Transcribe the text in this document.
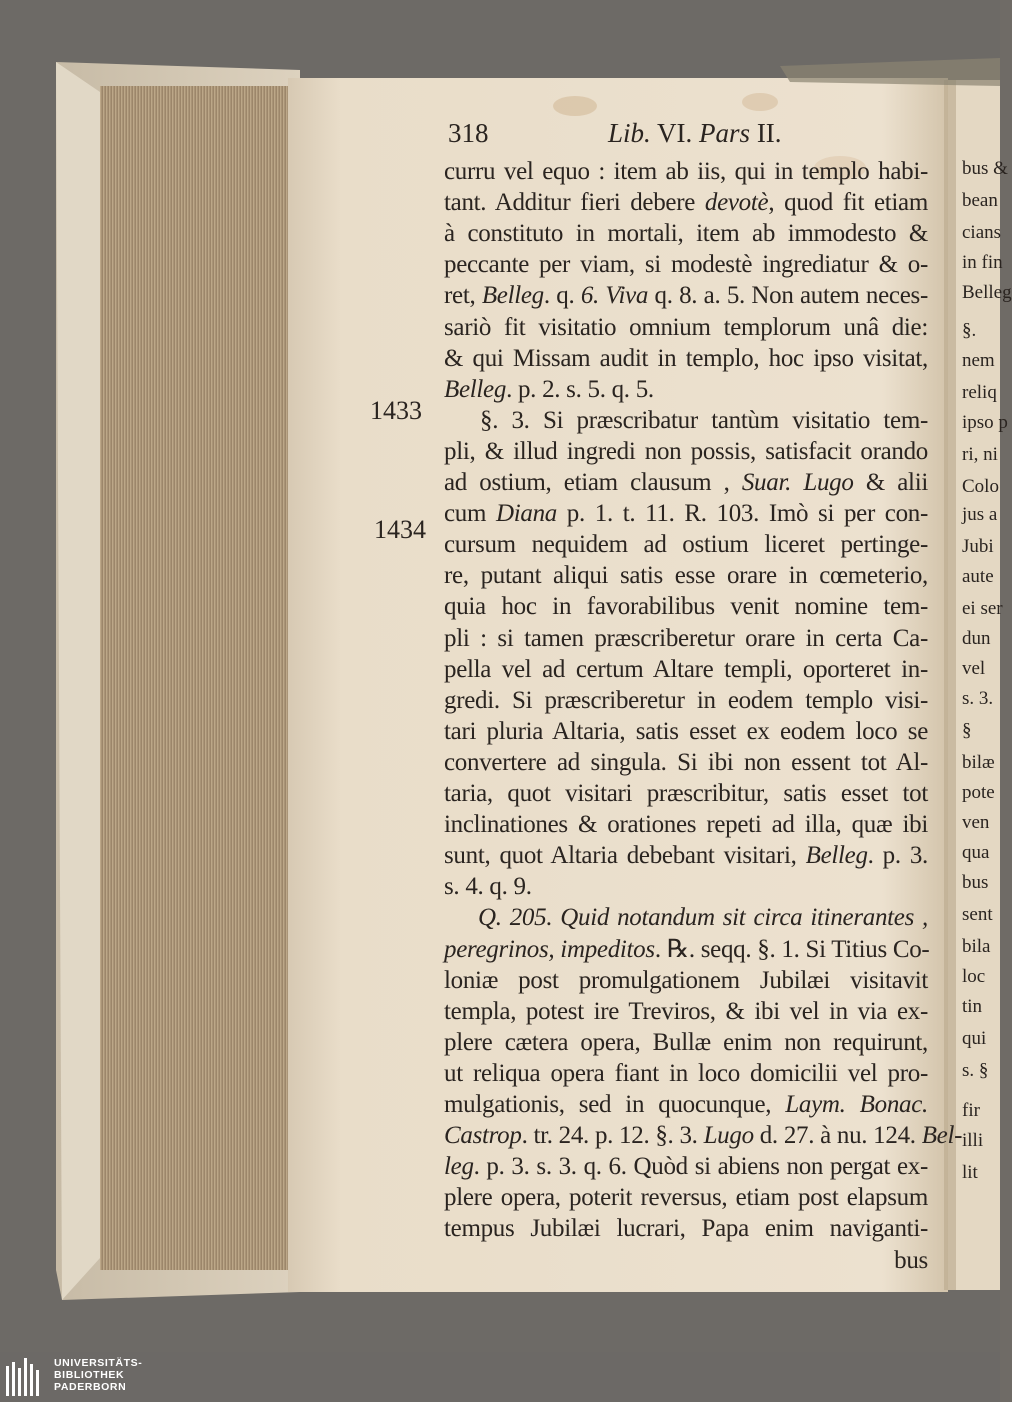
318	Lib. VI. Pars II.
curru vel equo : item ab iis, qui in templo habi-
tant. Additur fieri debere devotè, quod fit etiam
à constituto in mortali, item ab immodesto &
peccante per viam, si modestè ingrediatur & o-
ret, Belleg. q. 6. Viva q. 8. a. 5. Non autem neces-
sariò fit visitatio omnium templorum unâ die:
& qui Missam audit in templo, hoc ipso visitat,
Belleg. p. 2. s. 5. q. 5.
§. 3. Si præscribatur tantùm visitatio tem-
pli, & illud ingredi non possis, satisfacit orando
ad ostium, etiam clausum , Suar. Lugo & alii
cum Diana p. 1. t. 11. R. 103. Imò si per con-
cursum nequidem ad ostium liceret pertinge-
re, putant aliqui satis esse orare in cœmeterio,
quia hoc in favorabilibus venit nomine tem-
pli : si tamen præscriberetur orare in certa Ca-
pella vel ad certum Altare templi, oporteret in-
gredi. Si præscriberetur in eodem templo visi-
tari pluria Altaria, satis esset ex eodem loco se
convertere ad singula. Si ibi non essent tot Al-
taria, quot visitari præscribitur, satis esset tot
inclinationes & orationes repeti ad illa, quæ ibi
sunt, quot Altaria debebant visitari, Belleg. p. 3.
s. 4. q. 9.
Q. 205. Quid notandum sit circa itinerantes ,
peregrinos, impeditos. ℞. seqq. §. 1. Si Titius Co-
loniæ post promulgationem Jubilæi visitavit
templa, potest ire Treviros, & ibi vel in via ex-
plere cætera opera, Bullæ enim non requirunt,
ut reliqua opera fiant in loco domicilii vel pro-
mulgationis, sed in quocunque, Laym. Bonac.
Castrop. tr. 24. p. 12. §. 3. Lugo d. 27. à nu. 124. Bel-
leg. p. 3. s. 3. q. 6. Quòd si abiens non pergat ex-
plere opera, poterit reversus, etiam post elapsum
tempus Jubilæi lucrari, Papa enim naviganti-
bus
1433
1434
bus &
bean
cians
in fin
Belleg
§.
nem
reliq
ipso p
ri, ni
Colo
jus a
Jubi
aute
ei ser
dun
vel
s. 3.
§
bilæ
pote
ven
qua
bus
sent
bila
loc
tin
qui
s. §
fir
illi
lit
UNIVERSITÄTS-
BIBLIOTHEK
PADERBORN
